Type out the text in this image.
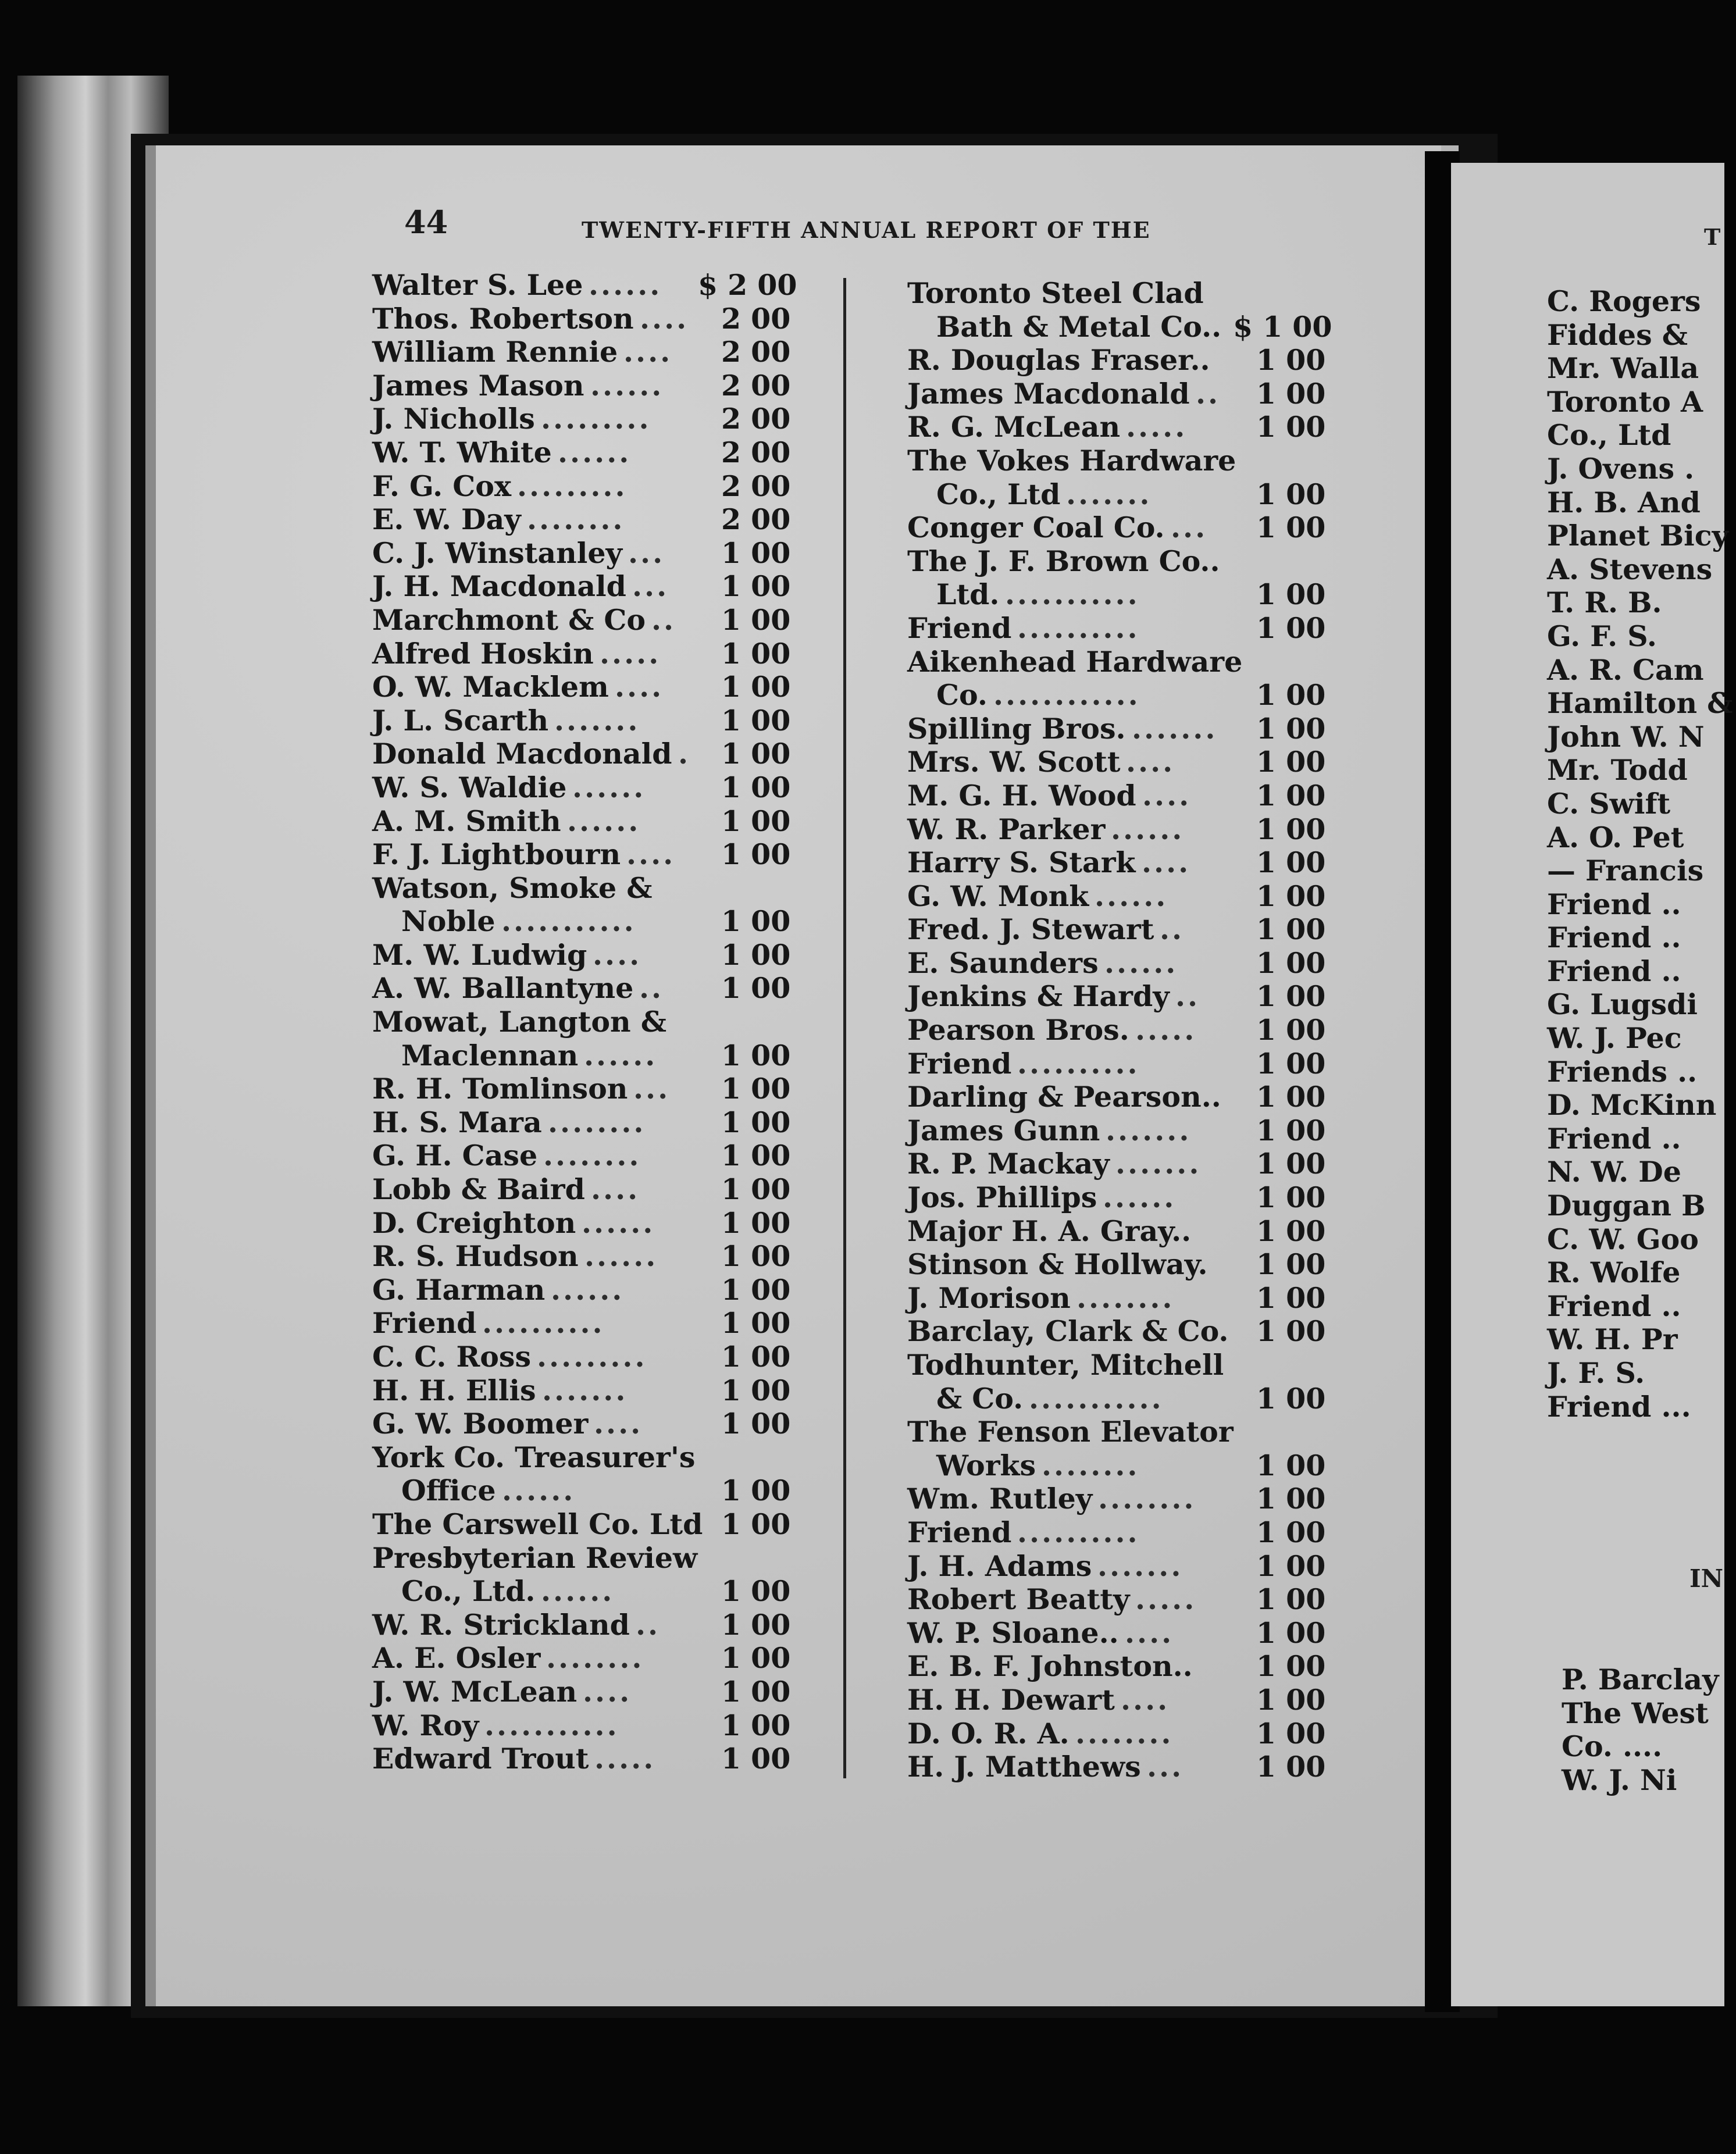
44	TWENTY-FIFTH ANNUAL REPORT OF THE	T
Walter S. Lee ...... $ 2 00
Thos. Robertson .... 2 00
William Rennie .... 2 00
James Mason ...... 2 00
J. Nicholls ......... 2 00
W. T. White ......	2 00
F. G. Cox .........	2 00
E. W. Day ........	2 00
C. J. Winstanley ... 1 00
J. H. Macdonald ... 1 00
Marchmont & Co .. 1 00
Alfred Hoskin ..... 1 00
O. W. Macklem .... 1 00
J. L. Scarth .......	1 00
Donald Macdonald . 1 00
W. S. Waldie ......	1 00
A. M. Smith ......	1 00
F. J. Lightbourn .... 1 00
Watson, Smoke &
Noble ...........	1 00
M. W. Ludwig ....	1 00
A. W. Ballantyne .. 1 00
Mowat, Langton &
Maclennan ...... 1 00
R. H. Tomlinson ... 1 00
H. S. Mara ........	1 00
G. H. Case ........	1 00
Lobb & Baird ....	1 00
D. Creighton ...... 1 00
R. S. Hudson ...... 1 00
G. Harman ......	1 00
Friend ..........	1 00
C. C. Ross .........	1 00
H. H. Ellis .......	1 00
G. W. Boomer ....	1 00
York Co. Treasurer's
Office ......	1 00
The Carswell Co. Ltd 1 00
Presbyterian Review
Co., Ltd. ......	1 00
W. R. Strickland .. 1 00
A. E. Osler ........	1 00
J. W. McLean ....	1 00
W. Roy ...........	1 00
Edward Trout ..... 1 00
Toronto Steel Clad
Bath & Metal Co.. $ 1 00
R. Douglas Fraser.. 1 00
James Macdonald .. 1 00
R. G. McLean ..... 1 00
The Vokes Hardware
Co., Ltd .......	1 00
Conger Coal Co. ... 1 00
The J. F. Brown Co..
Ltd. ...........	1 00
Friend ..........	1 00
Aikenhead Hardware
Co. ............	1 00
Spilling Bros. ....... 1 00
Mrs. W. Scott ....	1 00
M. G. H. Wood .... 1 00
W. R. Parker ......	1 00
Harry S. Stark .... 1 00
G. W. Monk ......	1 00
Fred. J. Stewart ..	1 00
E. Saunders ......	1 00
Jenkins & Hardy .. 1 00
Pearson Bros. ..... 1 00
Friend ..........	1 00
Darling & Pearson.. 1 00
James Gunn ....... 1 00
R. P. Mackay ....... 1 00
Jos. Phillips ......	1 00
Major H. A. Gray.. 1 00
Stinson & Hollway. 1 00
J. Morison ........	1 00
Barclay, Clark & Co. 1 00
Todhunter, Mitchell
& Co. ...........	1 00
The Fenson Elevator
Works ........	1 00
Wm. Rutley ........ 1 00
Friend ..........	1 00
J. H. Adams .......	1 00
Robert Beatty ..... 1 00
W. P. Sloane.. ....	1 00
E. B. F. Johnston.. 1 00
H. H. Dewart ....	1 00
D. O. R. A. ........	1 00
H. J. Matthews ...	1 00
C. Rogers
Fiddes &
Mr. Walla
Toronto A
Co., Ltd
J. Ovens .
H. B. And
Planet Bicy
A. Stevens
T. R. B.
G. F. S.
A. R. Cam
Hamilton &
John W. N
Mr. Todd
C. Swift
A. O. Pet
— Francis
Friend ..
Friend ..
Friend ..
G. Lugsdi
W. J. Pec
Friends ..
D. McKinn
Friend ..
N. W. De
Duggan B
C. W. Goo
R. Wolfe
Friend ..
W. H. Pr
J. F. S.
Friend ...
IN
P. Barclay
The West
Co. ....
W. J. Ni
